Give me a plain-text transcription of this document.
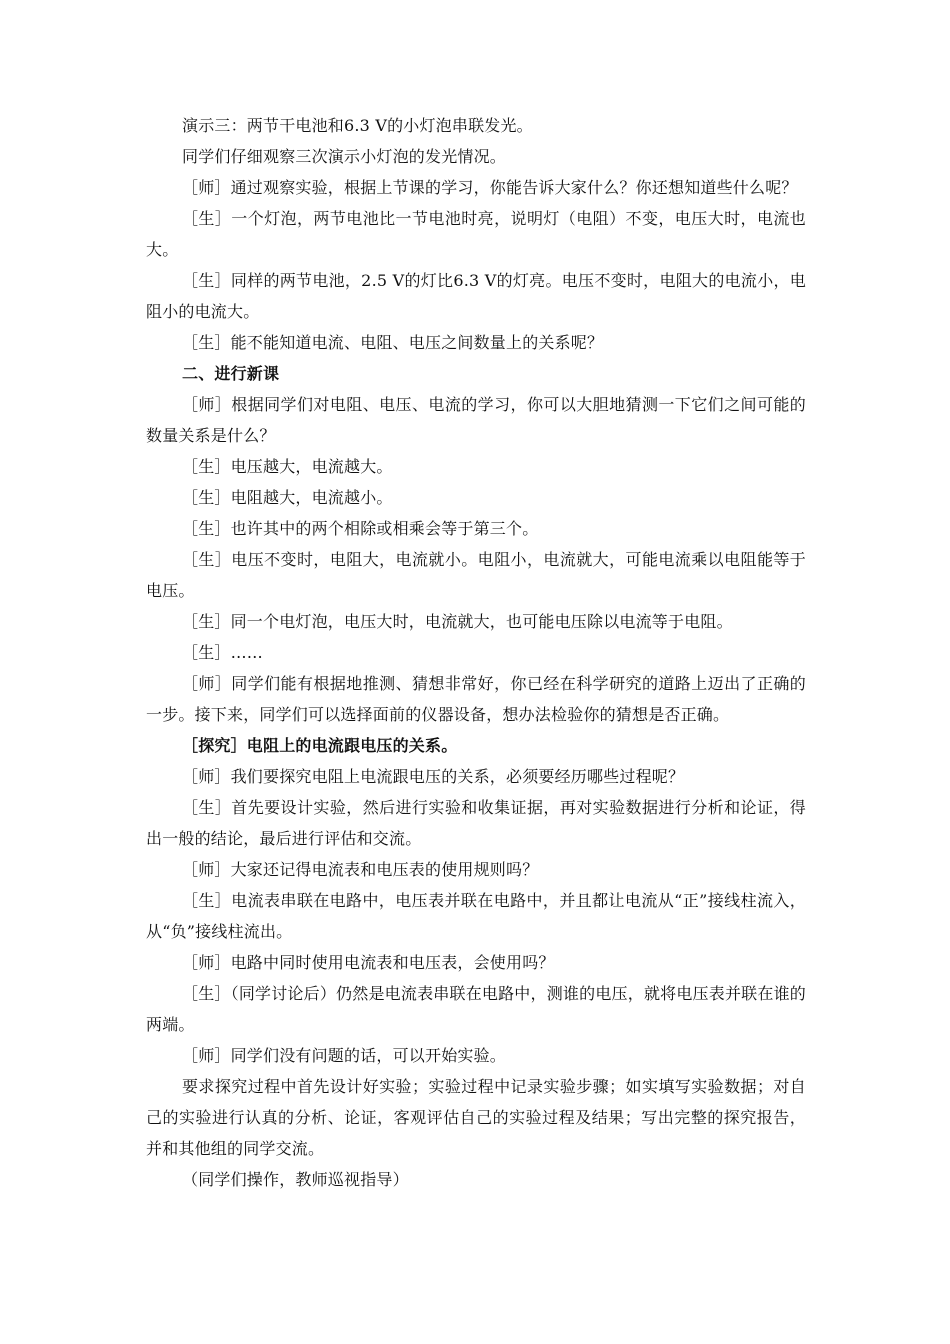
演示三：两节干电池和6.3 V的小灯泡串联发光。

同学们仔细观察三次演示小灯泡的发光情况。

［师］通过观察实验，根据上节课的学习，你能告诉大家什么？你还想知道些什么呢？

［生］一个灯泡，两节电池比一节电池时亮，说明灯（电阻）不变，电压大时，电流也大。

［生］同样的两节电池，2.5 V的灯比6.3 V的灯亮。电压不变时，电阻大的电流小，电阻小的电流大。

［生］能不能知道电流、电阻、电压之间数量上的关系呢？

二、进行新课

［师］根据同学们对电阻、电压、电流的学习，你可以大胆地猜测一下它们之间可能的数量关系是什么？

［生］电压越大，电流越大。

［生］电阻越大，电流越小。

［生］也许其中的两个相除或相乘会等于第三个。

［生］电压不变时，电阻大，电流就小。电阻小，电流就大，可能电流乘以电阻能等于电压。

［生］同一个电灯泡，电压大时，电流就大，也可能电压除以电流等于电阻。

［生］……

［师］同学们能有根据地推测、猜想非常好，你已经在科学研究的道路上迈出了正确的一步。接下来，同学们可以选择面前的仪器设备，想办法检验你的猜想是否正确。

［探究］电阻上的电流跟电压的关系。

［师］我们要探究电阻上电流跟电压的关系，必须要经历哪些过程呢？

［生］首先要设计实验，然后进行实验和收集证据，再对实验数据进行分析和论证，得出一般的结论，最后进行评估和交流。

［师］大家还记得电流表和电压表的使用规则吗？

［生］电流表串联在电路中，电压表并联在电路中，并且都让电流从“正”接线柱流入，从“负”接线柱流出。

［师］电路中同时使用电流表和电压表，会使用吗？

［生］（同学讨论后）仍然是电流表串联在电路中，测谁的电压，就将电压表并联在谁的两端。

［师］同学们没有问题的话，可以开始实验。

要求探究过程中首先设计好实验；实验过程中记录实验步骤；如实填写实验数据；对自己的实验进行认真的分析、论证，客观评估自己的实验过程及结果；写出完整的探究报告，并和其他组的同学交流。

（同学们操作，教师巡视指导）
